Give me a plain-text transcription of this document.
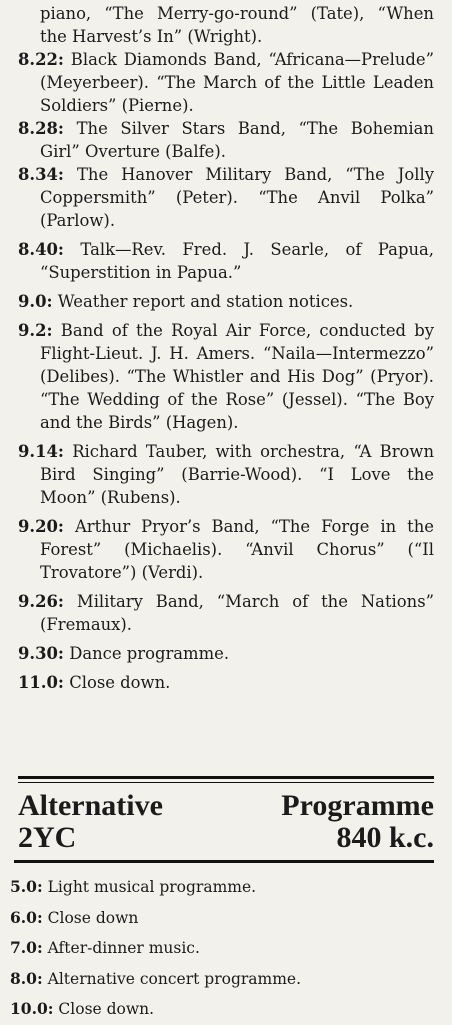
piano, “The Merry-go-round” (Tate), “When the Harvest’s In” (Wright).
8.22: Black Diamonds Band, “Africana—Prelude” (Meyerbeer). “The March of the Little Leaden Soldiers” (Pierne).
8.28: The Silver Stars Band, “The Bohemian Girl” Overture (Balfe).
8.34: The Hanover Military Band, “The Jolly Coppersmith” (Peter). “The Anvil Polka” (Parlow).
8.40: Talk—Rev. Fred. J. Searle, of Papua, “Superstition in Papua.”
9.0: Weather report and station notices.
9.2: Band of the Royal Air Force, conducted by Flight-Lieut. J. H. Amers. “Naila—Intermezzo” (Delibes). “The Whistler and His Dog” (Pryor). “The Wedding of the Rose” (Jessel). “The Boy and the Birds” (Hagen).
9.14: Richard Tauber, with orchestra, “A Brown Bird Singing” (Barrie-Wood). “I Love the Moon” (Rubens).
9.20: Arthur Pryor’s Band, “The Forge in the Forest” (Michaelis). “Anvil Chorus” (“Il Trovatore”) (Verdi).
9.26: Military Band, “March of the Nations” (Fremaux).
9.30: Dance programme.
11.0: Close down.
Alternative	Programme
2YC	840 k.c.
5.0: Light musical programme.
6.0: Close down
7.0: After-dinner music.
8.0: Alternative concert programme.
10.0: Close down.
